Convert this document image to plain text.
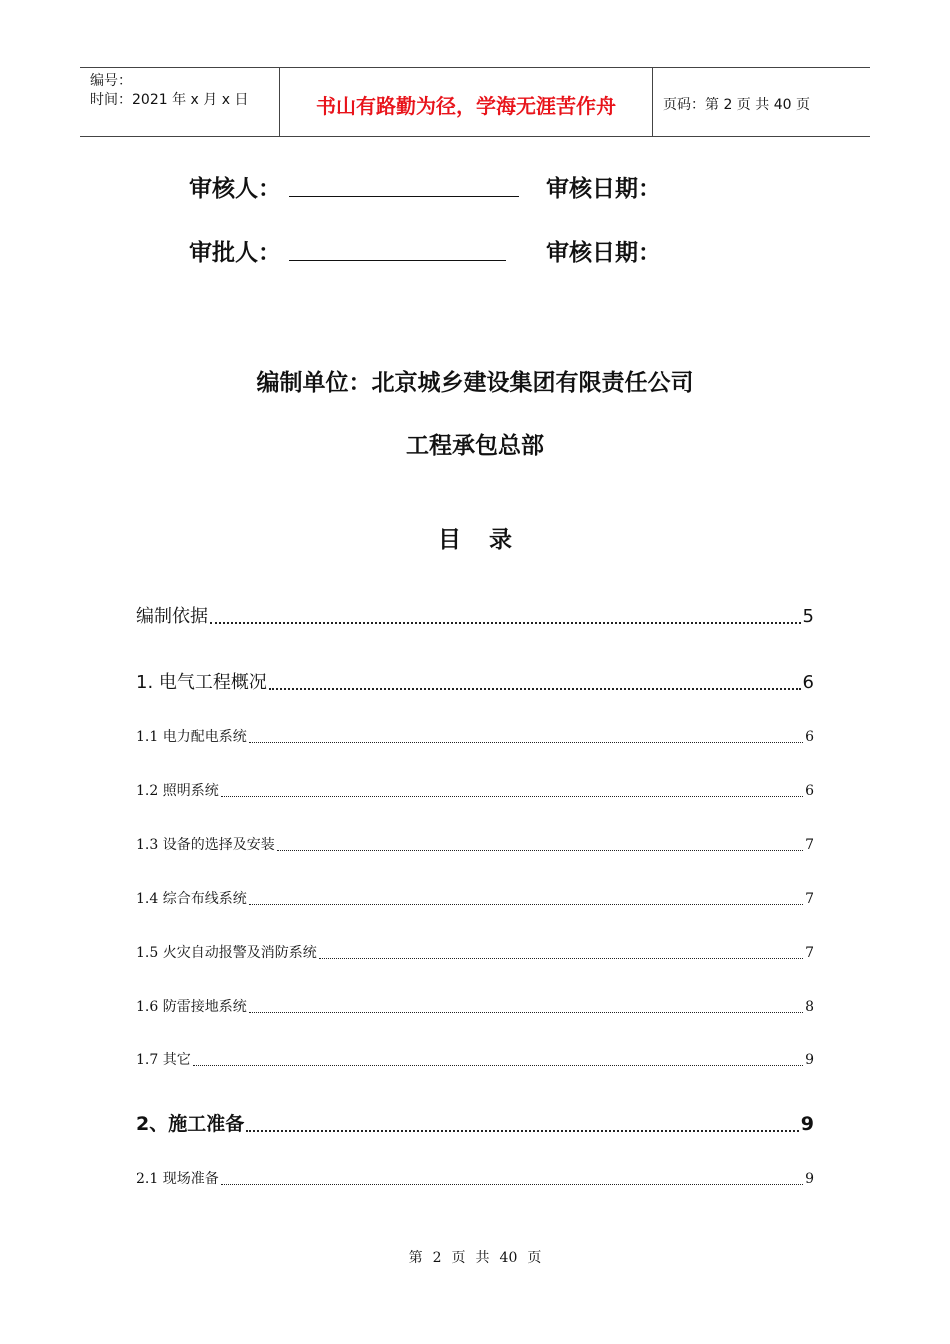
编号：
时间：2021 年 x 月 x 日	书山有路勤为径，学海无涯苦作舟	页码：第 2 页 共 40 页
审核人：	审核日期：
审批人：	审核日期：
编制单位：北京城乡建设集团有限责任公司
工程承包总部
目 录
编制依据	5
1. 电气工程概况	6
1.1 电力配电系统	6
1.2 照明系统	6
1.3 设备的选择及安装	7
1.4 综合布线系统	7
1.5 火灾自动报警及消防系统	7
1.6 防雷接地系统	8
1.7 其它	9
2、施工准备	9
2.1 现场准备	9
第 2 页 共 40 页
